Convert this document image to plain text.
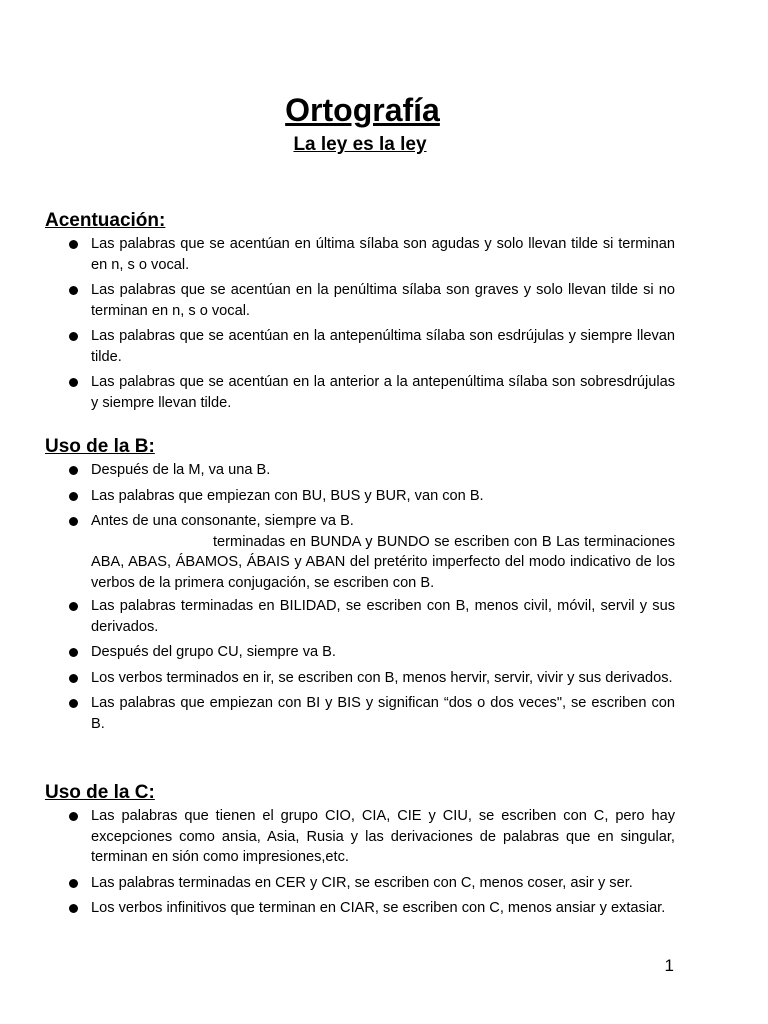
Ortografía
La ley es la ley
Acentuación:
Las palabras que se acentúan en última sílaba son agudas y solo llevan tilde si terminan en n, s o vocal.
Las palabras que se acentúan en la penúltima sílaba son graves y solo llevan tilde si no terminan en n, s o vocal.
Las palabras que se acentúan en la antepenúltima sílaba son esdrújulas y siempre llevan tilde.
Las palabras que se acentúan en la anterior a la antepenúltima sílaba son sobresdrújulas y siempre llevan tilde.
Uso de la B:
Después de la M, va una B.
Las palabras que empiezan con BU, BUS y BUR, van con B.
Antes de una consonante, siempre va B.
terminadas en BUNDA y BUNDO se escriben con B Las terminaciones ABA, ABAS, ÁBAMOS, ÁBAIS y ABAN del pretérito imperfecto del modo indicativo de los verbos de la primera conjugación, se escriben con B.
Las palabras terminadas en BILIDAD, se escriben con B, menos civil, móvil, servil y sus derivados.
Después del grupo CU, siempre va B.
Los verbos terminados en ir, se escriben con B, menos hervir, servir, vivir y sus derivados.
Las palabras que empiezan con BI y BIS y significan “dos o dos veces", se escriben con B.
Uso de la C:
Las palabras que tienen el grupo CIO, CIA, CIE y CIU, se escriben con C, pero hay excepciones como ansia, Asia, Rusia y las derivaciones de palabras que en singular, terminan en sión como impresiones,etc.
Las palabras terminadas en CER y CIR, se escriben con C, menos coser, asir y ser.
Los verbos infinitivos que terminan en CIAR, se escriben con C, menos ansiar y extasiar.
1
